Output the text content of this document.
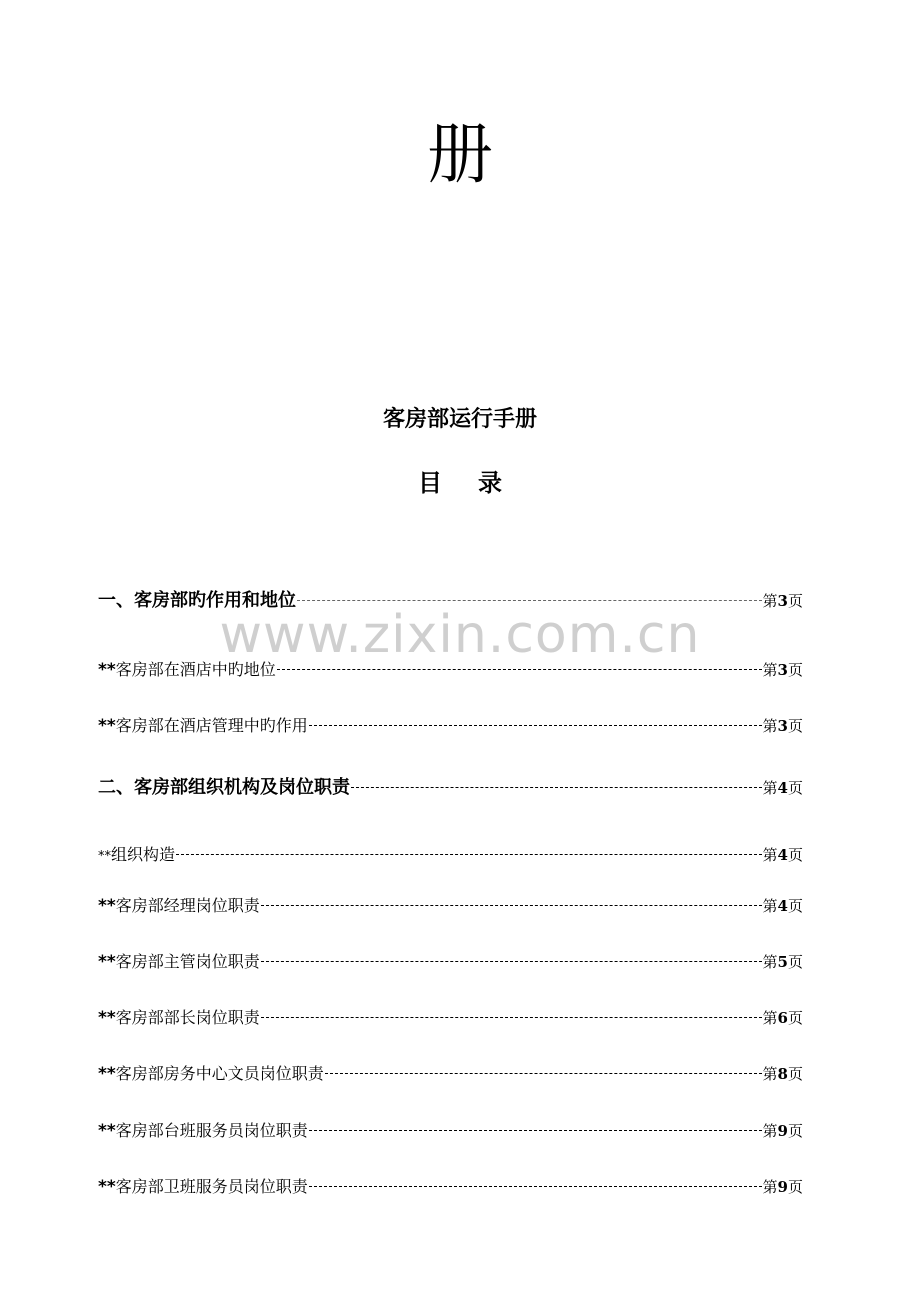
册
客房部运行手册
目录
www.zixin.com.cn
一、客房部旳作用和地位	第3页
**客房部在酒店中旳地位	第3页
**客房部在酒店管理中旳作用	第3页
二、客房部组织机构及岗位职责	第4页
**组织构造	第4页
**客房部经理岗位职责	第4页
**客房部主管岗位职责	第5页
**客房部部长岗位职责	第6页
**客房部房务中心文员岗位职责	第8页
**客房部台班服务员岗位职责	第9页
**客房部卫班服务员岗位职责	第9页
